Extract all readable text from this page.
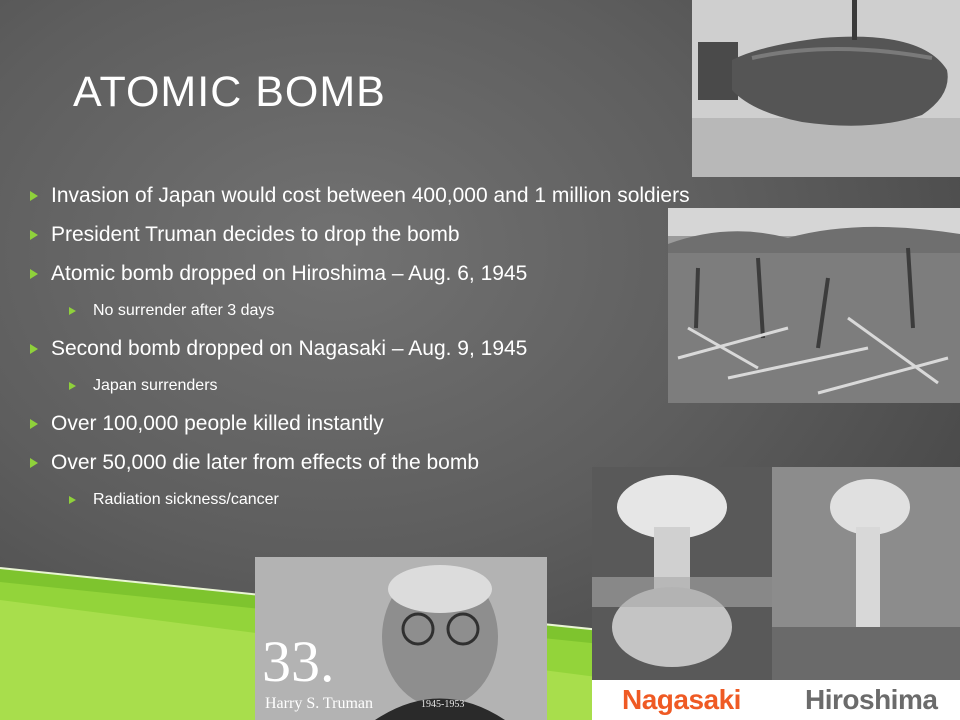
33.
Harry S. Truman	1945-1953	Nagasaki Hiroshima
ATOMIC BOMB
Invasion of Japan would cost between 400,000 and 1 million soldiers
President Truman decides to drop the bomb
Atomic bomb dropped on Hiroshima – Aug. 6, 1945
No surrender after 3 days
Second bomb dropped on Nagasaki – Aug. 9, 1945
Japan surrenders
Over 100,000 people killed instantly
Over 50,000 die later from effects of the bomb
Radiation sickness/cancer
